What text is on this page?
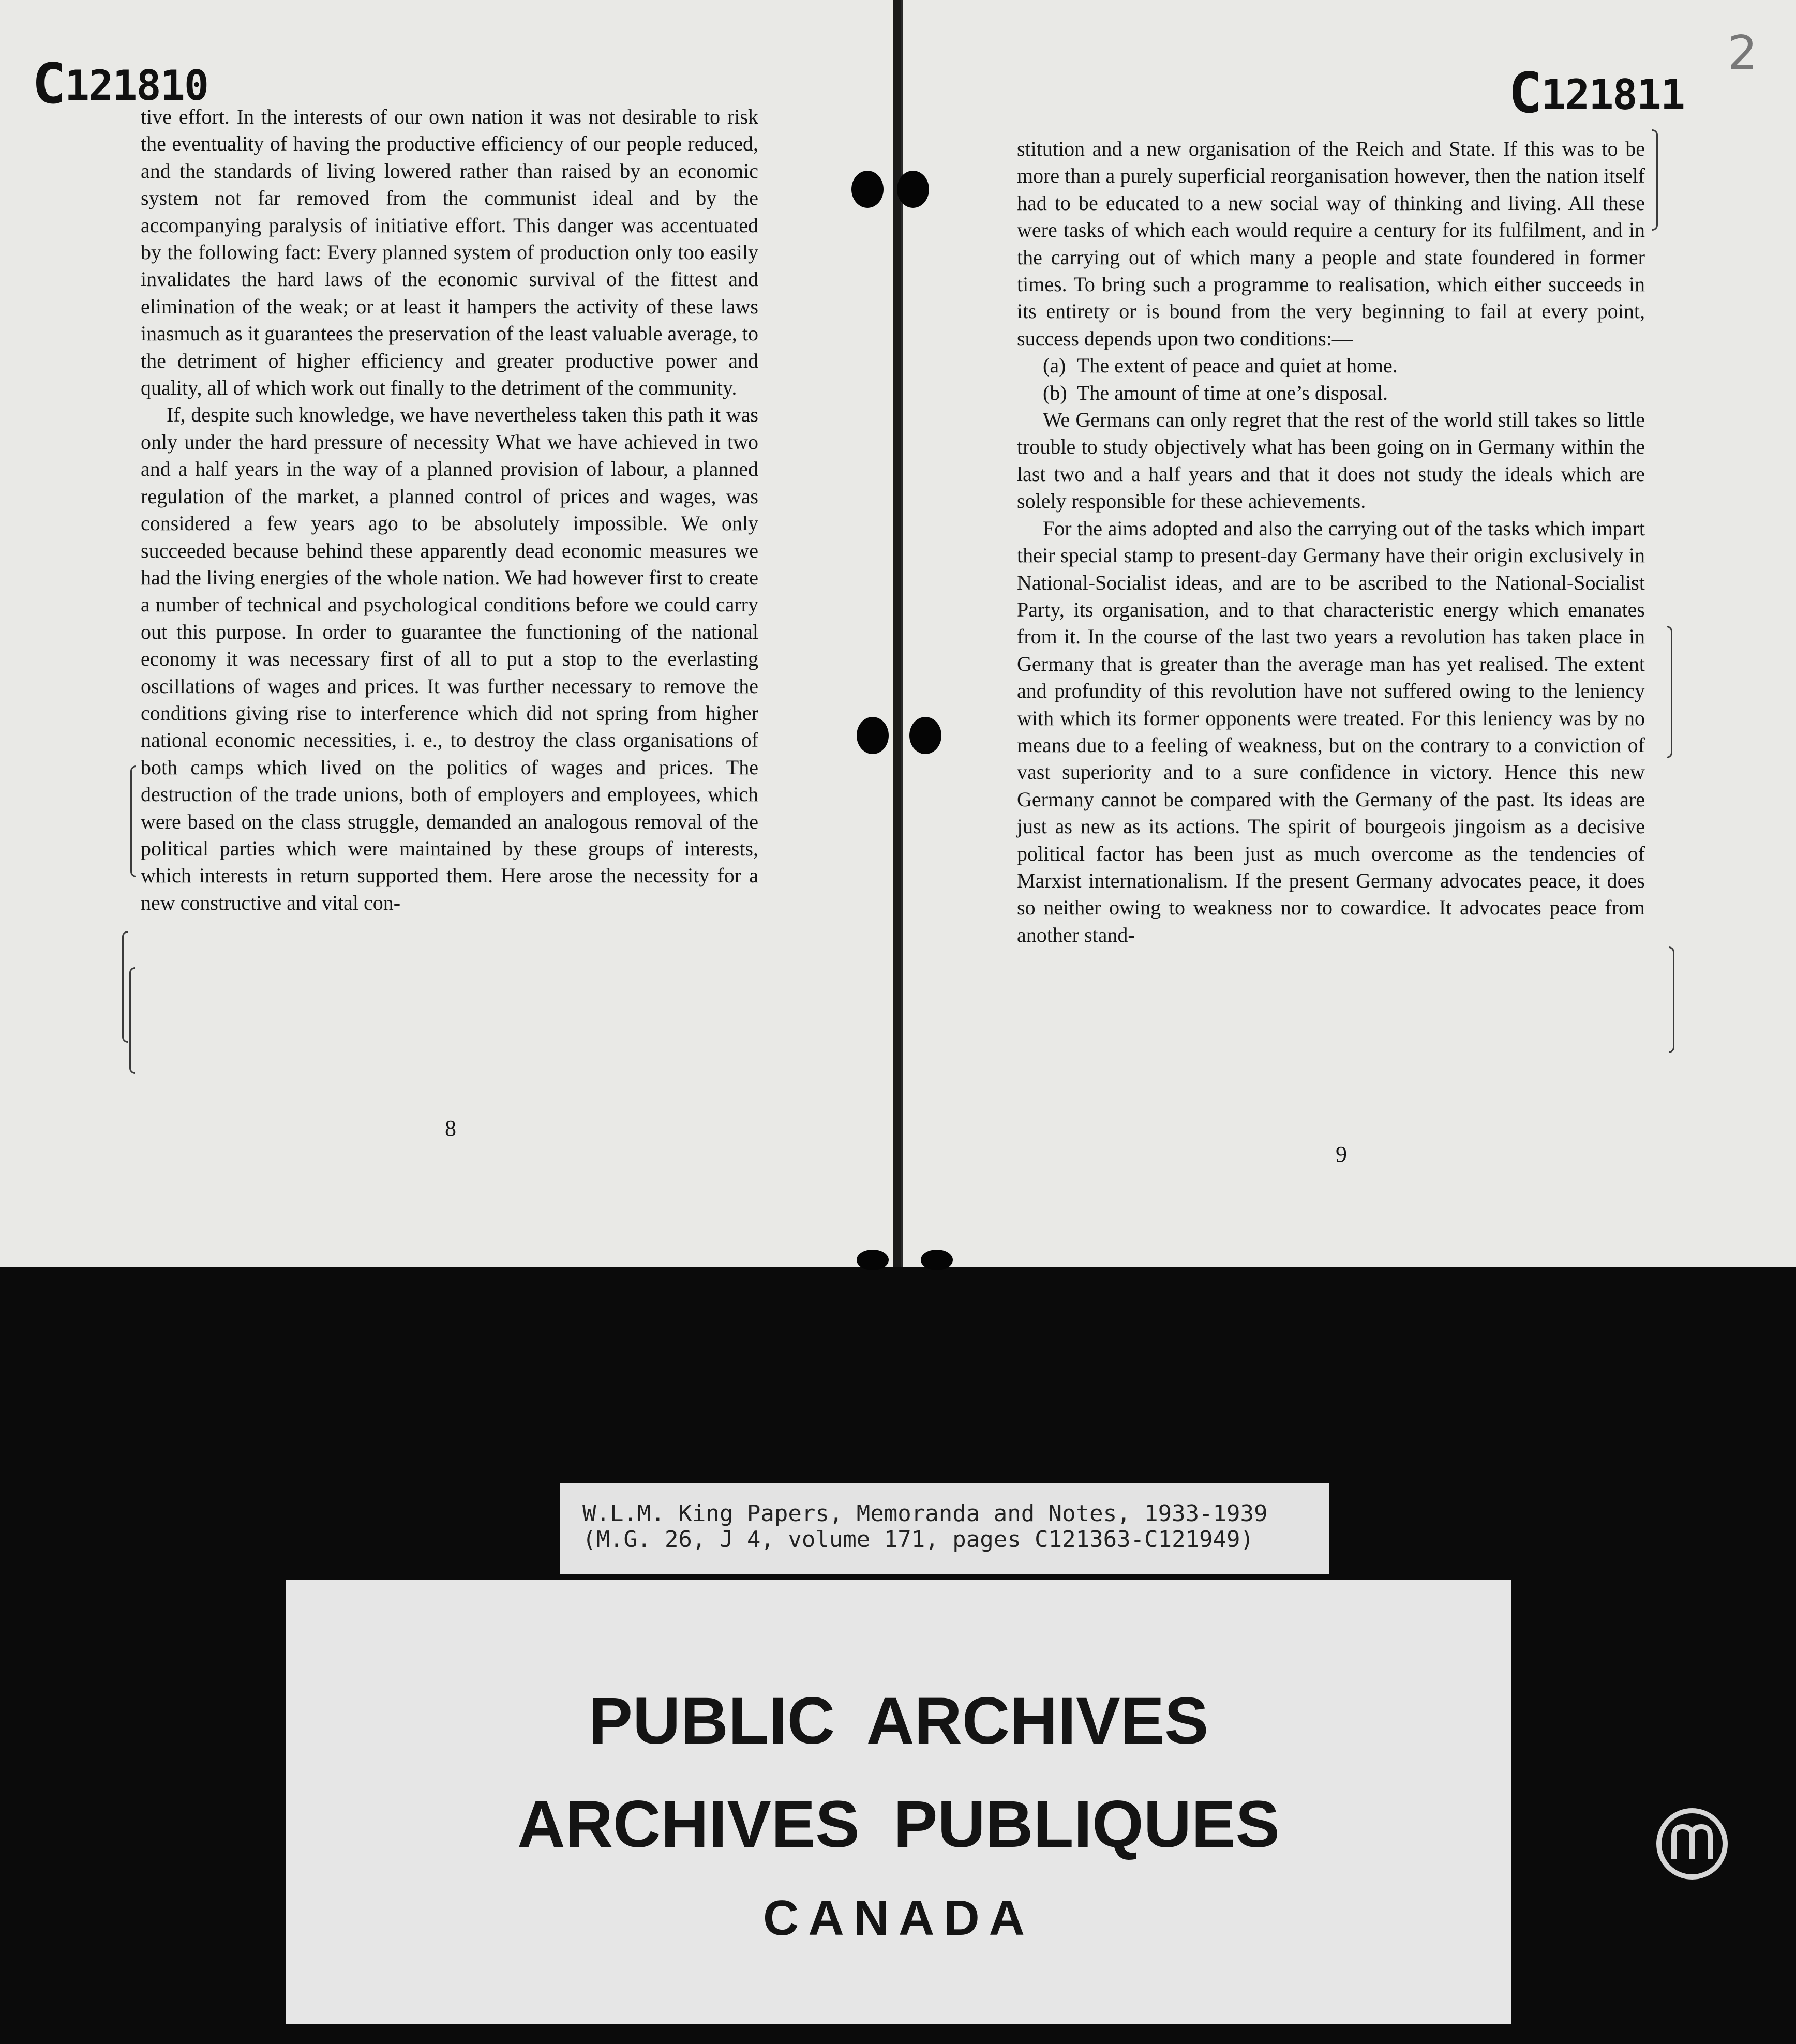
C121810

tive effort. In the interests of our own nation it was not desirable to risk the eventuality of having the productive efficiency of our people reduced, and the standards of living lowered rather than raised by an economic system not far removed from the communist ideal and by the accompanying paralysis of initiative effort. This danger was accentuated by the following fact: Every planned system of production only too easily invalidates the hard laws of the economic survival of the fittest and elimination of the weak; or at least it hampers the activity of these laws inasmuch as it guarantees the preservation of the least valuable average, to the detriment of higher efficiency and greater productive power and quality, all of which work out finally to the detriment of the community.

If, despite such knowledge, we have nevertheless taken this path it was only under the hard pressure of necessity What we have achieved in two and a half years in the way of a planned provision of labour, a planned regulation of the market, a planned control of prices and wages, was considered a few years ago to be absolutely impossible. We only succeeded because behind these apparently dead economic measures we had the living energies of the whole nation. We had however first to create a number of technical and psychological conditions before we could carry out this purpose. In order to guarantee the functioning of the national economy it was necessary first of all to put a stop to the everlasting oscillations of wages and prices. It was further necessary to remove the conditions giving rise to interference which did not spring from higher national economic necessities, i. e., to destroy the class organisations of both camps which lived on the politics of wages and prices. The destruction of the trade unions, both of employers and employees, which were based on the class struggle, demanded an analogous removal of the political parties which were maintained by these groups of interests, which interests in return supported them. Here arose the necessity for a new constructive and vital con-

8
2
C121811

stitution and a new organisation of the Reich and State. If this was to be more than a purely superficial reorganisation however, then the nation itself had to be educated to a new social way of thinking and living. All these were tasks of which each would require a century for its fulfilment, and in the carrying out of which many a people and state foundered in former times. To bring such a programme to realisation, which either succeeds in its entirety or is bound from the very beginning to fail at every point, success depends upon two conditions:—

(a) The extent of peace and quiet at home.

(b) The amount of time at one’s disposal.

We Germans can only regret that the rest of the world still takes so little trouble to study objectively what has been going on in Germany within the last two and a half years and that it does not study the ideals which are solely responsible for these achievements.

For the aims adopted and also the carrying out of the tasks which impart their special stamp to present-day Germany have their origin exclusively in National-Socialist ideas, and are to be ascribed to the National-Socialist Party, its organisation, and to that characteristic energy which emanates from it. In the course of the last two years a revolution has taken place in Germany that is greater than the average man has yet realised. The extent and profundity of this revolution have not suffered owing to the leniency with which its former opponents were treated. For this leniency was by no means due to a feeling of weakness, but on the contrary to a conviction of vast superiority and to a sure confidence in victory. Hence this new Germany cannot be compared with the Germany of the past. Its ideas are just as new as its actions. The spirit of bourgeois jingoism as a decisive political factor has been just as much overcome as the tendencies of Marxist internationalism. If the present Germany advocates peace, it does so neither owing to weakness nor to cowardice. It advocates peace from another stand-

9
W.L.M. King Papers, Memoranda and Notes, 1933-1939
(M.G. 26, J 4, volume 171, pages C121363-C121949)
PUBLIC ARCHIVES
ARCHIVES PUBLIQUES
CANADA
